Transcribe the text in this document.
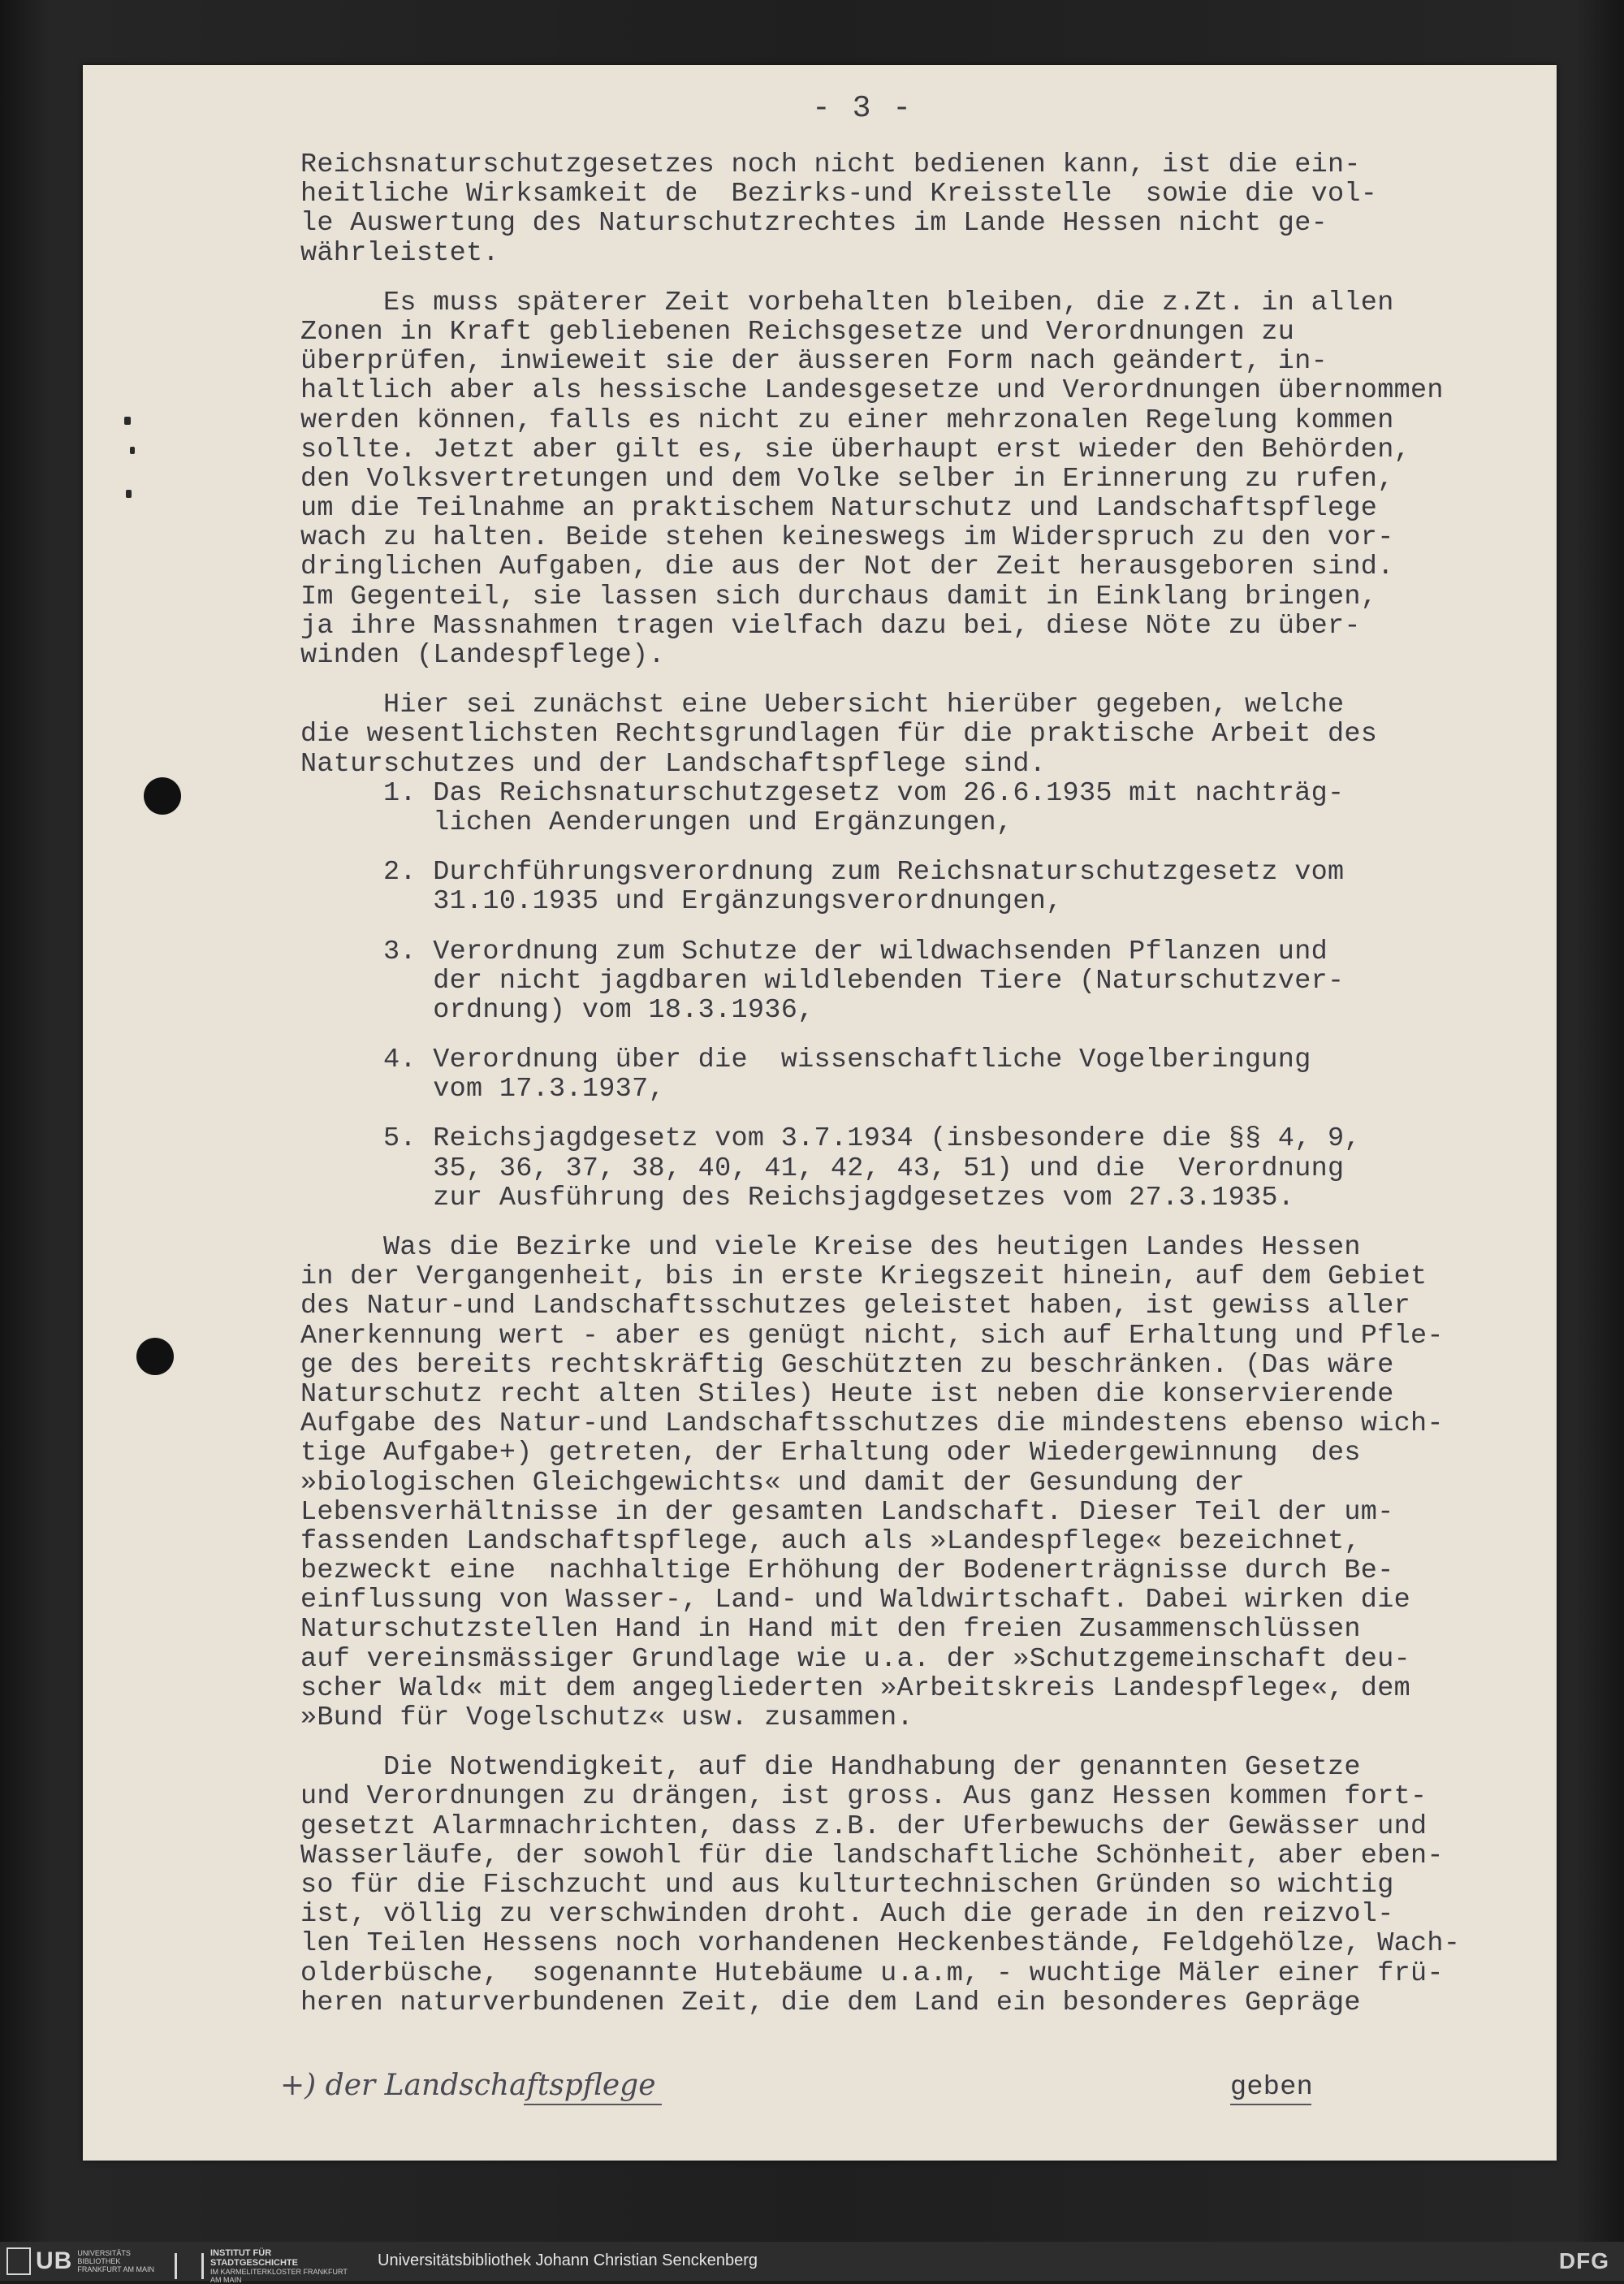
- 3 -
Reichsnaturschutzgesetzes noch nicht bedienen kann, ist die ein-
heitliche Wirksamkeit de  Bezirks-und Kreisstelle  sowie die vol-
le Auswertung des Naturschutzrechtes im Lande Hessen nicht ge-
währleistet.

Es muss späterer Zeit vorbehalten bleiben, die z.Zt. in allen
Zonen in Kraft gebliebenen Reichsgesetze und Verordnungen zu
überprüfen, inwieweit sie der äusseren Form nach geändert, in-
haltlich aber als hessische Landesgesetze und Verordnungen übernommen
werden können, falls es nicht zu einer mehrzonalen Regelung kommen
sollte. Jetzt aber gilt es, sie überhaupt erst wieder den Behörden,
den Volksvertretungen und dem Volke selber in Erinnerung zu rufen,
um die Teilnahme an praktischem Naturschutz und Landschaftspflege
wach zu halten. Beide stehen keineswegs im Widerspruch zu den vor-
dringlichen Aufgaben, die aus der Not der Zeit herausgeboren sind.
Im Gegenteil, sie lassen sich durchaus damit in Einklang bringen,
ja ihre Massnahmen tragen vielfach dazu bei, diese Nöte zu über-
winden (Landespflege).

Hier sei zunächst eine Uebersicht hierüber gegeben, welche
die wesentlichsten Rechtsgrundlagen für die praktische Arbeit des
Naturschutzes und der Landschaftspflege sind.
1. Das Reichsnaturschutzgesetz vom 26.6.1935 mit nachträg-
lichen Aenderungen und Ergänzungen,

2. Durchführungsverordnung zum Reichsnaturschutzgesetz vom
31.10.1935 und Ergänzungsverordnungen,

3. Verordnung zum Schutze der wildwachsenden Pflanzen und
der nicht jagdbaren wildlebenden Tiere (Naturschutzver-
ordnung) vom 18.3.1936,

4. Verordnung über die  wissenschaftliche Vogelberingung
vom 17.3.1937,

5. Reichsjagdgesetz vom 3.7.1934 (insbesondere die §§ 4, 9,
35, 36, 37, 38, 40, 41, 42, 43, 51) und die  Verordnung
zur Ausführung des Reichsjagdgesetzes vom 27.3.1935.

Was die Bezirke und viele Kreise des heutigen Landes Hessen
in der Vergangenheit, bis in erste Kriegszeit hinein, auf dem Gebiet
des Natur-und Landschaftsschutzes geleistet haben, ist gewiss aller
Anerkennung wert - aber es genügt nicht, sich auf Erhaltung und Pfle-
ge des bereits rechtskräftig Geschützten zu beschränken. (Das wäre
Naturschutz recht alten Stiles) Heute ist neben die konservierende
Aufgabe des Natur-und Landschaftsschutzes die mindestens ebenso wich-
tige Aufgabe+) getreten, der Erhaltung oder Wiedergewinnung  des
»biologischen Gleichgewichts« und damit der Gesundung der
Lebensverhältnisse in der gesamten Landschaft. Dieser Teil der um-
fassenden Landschaftspflege, auch als »Landespflege« bezeichnet,
bezweckt eine  nachhaltige Erhöhung der Bodenerträgnisse durch Be-
einflussung von Wasser-, Land- und Waldwirtschaft. Dabei wirken die
Naturschutzstellen Hand in Hand mit den freien Zusammenschlüssen
auf vereinsmässiger Grundlage wie u.a. der »Schutzgemeinschaft deu-
scher Wald« mit dem angegliederten »Arbeitskreis Landespflege«, dem
»Bund für Vogelschutz« usw. zusammen.

Die Notwendigkeit, auf die Handhabung der genannten Gesetze
und Verordnungen zu drängen, ist gross. Aus ganz Hessen kommen fort-
gesetzt Alarmnachrichten, dass z.B. der Uferbewuchs der Gewässer und
Wasserläufe, der sowohl für die landschaftliche Schönheit, aber eben-
so für die Fischzucht und aus kulturtechnischen Gründen so wichtig
ist, völlig zu verschwinden droht. Auch die gerade in den reizvol-
len Teilen Hessens noch vorhandenen Heckenbestände, Feldgehölze, Wach-
olderbüsche,  sogenannte Hutebäume u.a.m, - wuchtige Mäler einer frü-
heren naturverbundenen Zeit, die dem Land ein besonderes Gepräge
+) der Landschaftspflege	geben
UB UNIVERSITÄTS BIBLIOTHEK FRANKFURT AM MAIN
INSTITUT FÜR STADTGESCHICHTE
IM KARMELITERKLOSTER FRANKFURT AM MAIN
Universitätsbibliothek Johann Christian Senckenberg	DFG
